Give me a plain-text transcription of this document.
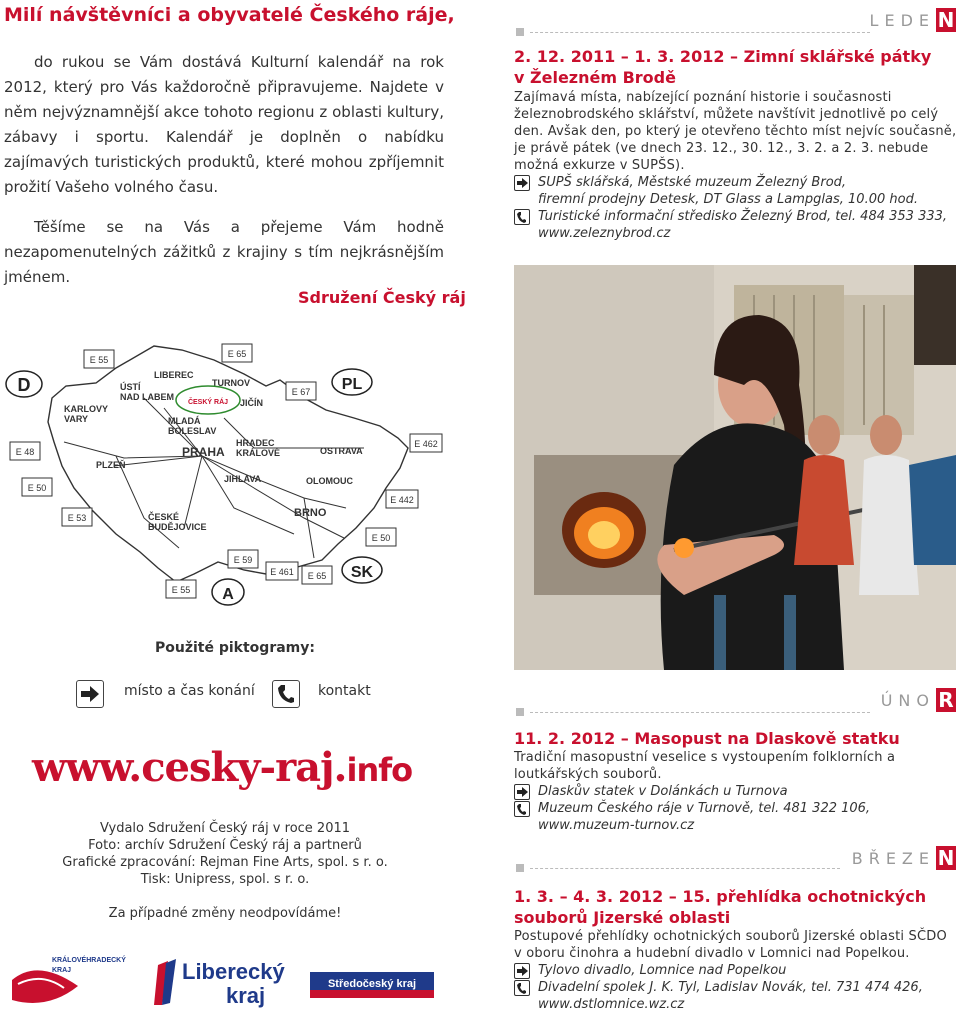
Milí návštěvníci a obyvatelé Českého ráje,

do rukou se Vám dostává Kulturní kalendář na rok 2012, který pro Vás každoročně připravujeme. Najdete v něm nejvýznamnější akce tohoto regionu z oblasti kultury, zábavy i sportu. Kalendář je doplněn o nabídku zajímavých turistických produktů, které mohou zpříjemnit prožití Vašeho volného času.

Těšíme se na Vás a přejeme Vám hodně nezapomenutelných zážitků z krajiny s tím nejkrásnějším jménem.

Sdružení Český ráj
LIBEREC
ÚSTÍ
NAD LABEM
TURNOV
JIČÍN
KARLOVY
VARY	MLADÁ
BOLESLAV
PRAHA
HRADEC
KRÁLOVÉ	OSTRAVA
PLZEŇ
JIHLAVA	OLOMOUC
BRNO
ČESKÉ
BUDĚJOVICE
ČESKÝ RÁJ
E 55
E 65
E 67
E 48
E 462
E 50
E 53
E 442
E 50
E 59
E 461 E 65
E 55
D	PL
SK
A
Použité piktogramy:
místo a čas konání	kontakt
www.cesky-raj.info

Vydalo Sdružení Český ráj v roce 2011

Foto: archív Sdružení Český ráj a partnerů

Grafické zpracování: Rejman Fine Arts, spol. s r. o.

Tisk: Unipress, spol. s r. o.

Za případné změny neodpovídáme!
KRÁLOVÉHRADECKÝ
KRAJ	Liberecký
kraj	Středočeský kraj
LEDE N
2. 12. 2011 – 1. 3. 2012 – Zimní sklářské pátky
v Železném Brodě
Zajímavá místa, nabízející poznání historie i současnosti železnobrodského sklářství, můžete navštívit jednotlivě po celý den. Avšak den, po který je otevřeno těchto míst nejvíc současně, je právě pátek (ve dnech 23. 12., 30. 12., 3. 2. a 2. 3. nebude možná exkurze v SUPŠS).
SUPŠ sklářská, Městské muzeum Železný Brod,
firemní prodejny Detesk, DT Glass a Lampglas, 10.00 hod.
Turistické informační středisko Železný Brod, tel. 484 353 333,
www.zeleznybrod.cz
ÚNO R
11. 2. 2012 – Masopust na Dlaskově statku
Tradiční masopustní veselice s vystoupením folklorních a loutkářských souborů.
Dlaskův statek v Dolánkách u Turnova
Muzeum Českého ráje v Turnově, tel. 481 322 106,
www.muzeum-turnov.cz
BŘEZE N
1. 3. – 4. 3. 2012 – 15. přehlídka ochotnických
souborů Jizerské oblasti
Postupové přehlídky ochotnických souborů Jizerské oblasti SČDO v oboru činohra a hudební divadlo v Lomnici nad Popelkou.
Tylovo divadlo, Lomnice nad Popelkou
Divadelní spolek J. K. Tyl, Ladislav Novák, tel. 731 474 426,
www.dstlomnice.wz.cz
